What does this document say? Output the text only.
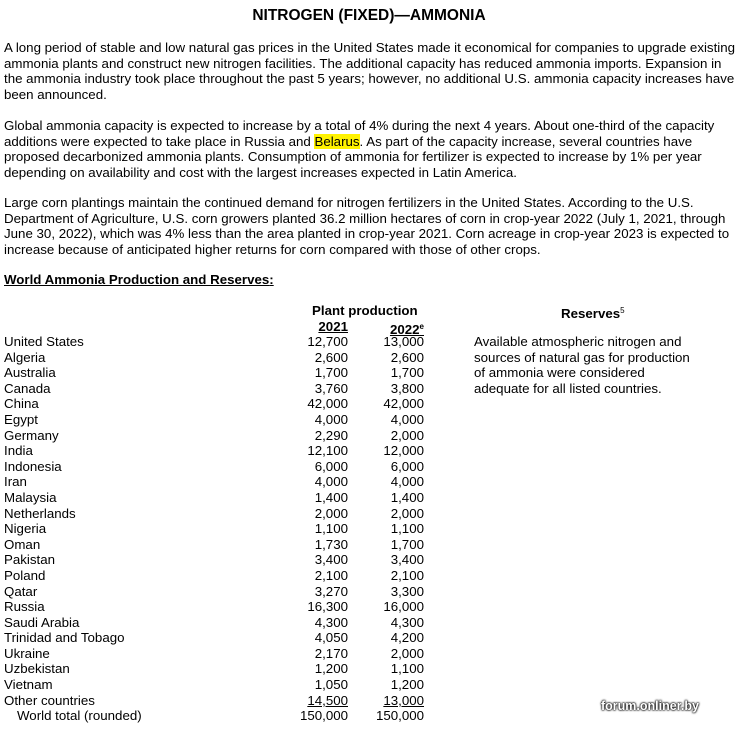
NITROGEN (FIXED)—AMMONIA

A long period of stable and low natural gas prices in the United States made it economical for companies to upgrade existing ammonia plants and construct new nitrogen facilities. The additional capacity has reduced ammonia imports. Expansion in the ammonia industry took place throughout the past 5 years; however, no additional U.S. ammonia capacity increases have been announced.

Global ammonia capacity is expected to increase by a total of 4% during the next 4 years. About one-third of the capacity additions were expected to take place in Russia and Belarus. As part of the capacity increase, several countries have proposed decarbonized ammonia plants. Consumption of ammonia for fertilizer is expected to increase by 1% per year depending on availability and cost with the largest increases expected in Latin America.

Large corn plantings maintain the continued demand for nitrogen fertilizers in the United States. According to the U.S. Department of Agriculture, U.S. corn growers planted 36.2 million hectares of corn in crop-year 2022 (July 1, 2021, through June 30, 2022), which was 4% less than the area planted in crop-year 2021. Corn acreage in crop-year 2023 is expected to increase because of anticipated higher returns for corn compared with those of other crops.

World Ammonia Production and Reserves:
Plant production	Reserves$^5$
2021	2022e
United States	12,700	13,000
Algeria	2,600	2,600
Australia	1,700	1,700
Canada	3,760	3,800
China	42,000	42,000
Egypt	4,000	4,000
Germany	2,290	2,000
India	12,100	12,000
Indonesia	6,000	6,000
Iran	4,000	4,000
Malaysia	1,400	1,400
Netherlands	2,000	2,000
Nigeria	1,100	1,100
Oman	1,730	1,700
Pakistan	3,400	3,400
Poland	2,100	2,100
Qatar	3,270	3,300
Russia	16,300	16,000
Saudi Arabia	4,300	4,300
Trinidad and Tobago	4,050	4,200
Ukraine	2,170	2,000
Uzbekistan	1,200	1,100
Vietnam	1,050	1,200
Other countries	14,500	13,000
World total (rounded)	150,000 150,000
Available atmospheric nitrogen and
sources of natural gas for production
of ammonia were considered
adequate for all listed countries.
forum.onliner.by
